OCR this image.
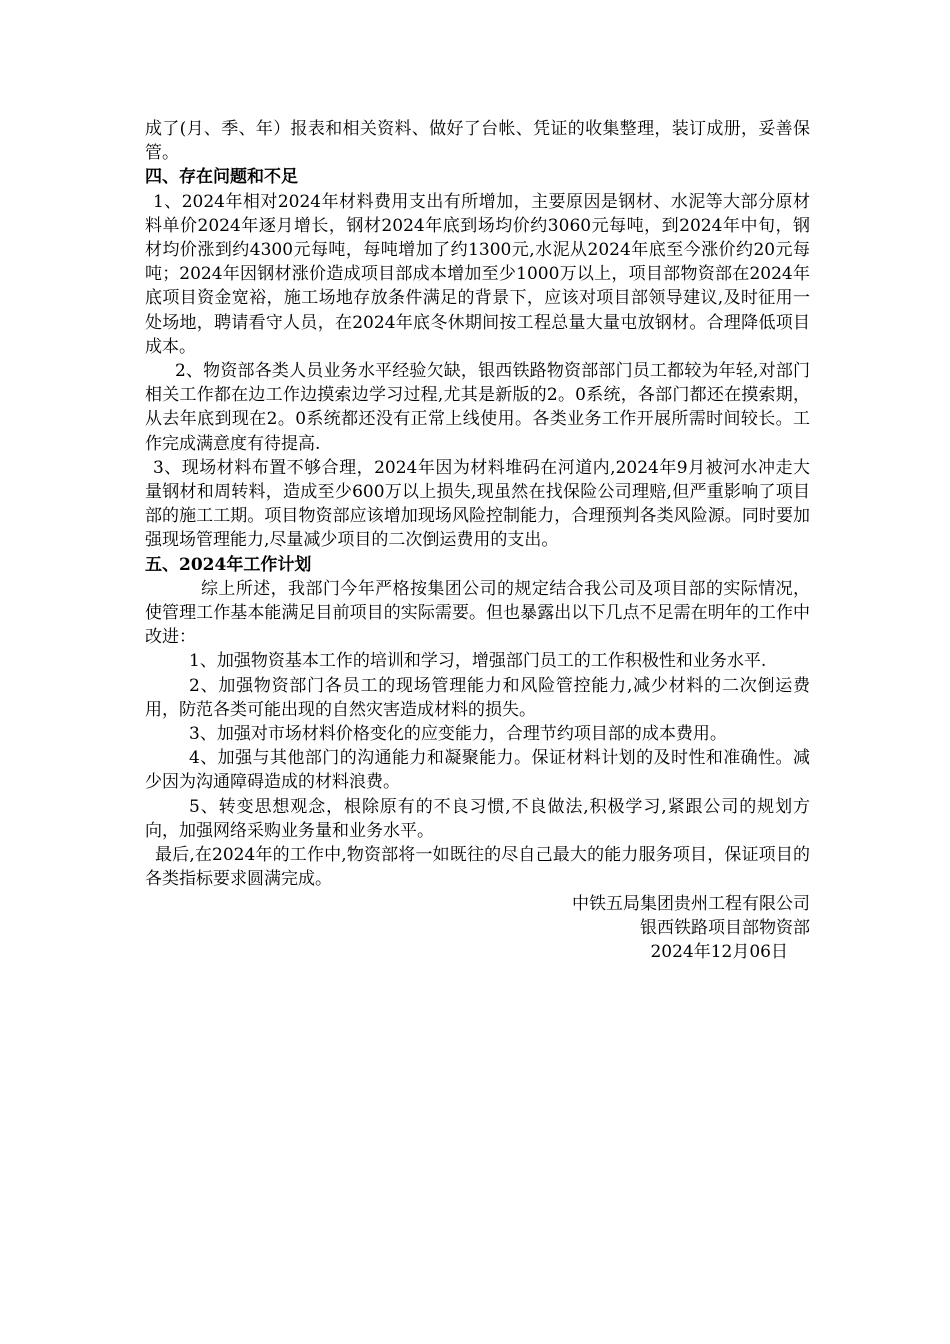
成了(月、季、年）报表和相关资料、做好了台帐、凭证的收集整理，装订成册，妥善保管。

四、存在问题和不足

1、2024年相对2024年材料费用支出有所增加，主要原因是钢材、水泥等大部分原材料单价2024年逐月增长，钢材2024年底到场均价约3060元每吨，到2024年中旬，钢材均价涨到约4300元每吨，每吨增加了约1300元,水泥从2024年底至今涨价约20元每吨；2024年因钢材涨价造成项目部成本增加至少1000万以上，项目部物资部在2024年底项目资金宽裕，施工场地存放条件满足的背景下，应该对项目部领导建议,及时征用一处场地，聘请看守人员，在2024年底冬休期间按工程总量大量屯放钢材。合理降低项目成本。

2、物资部各类人员业务水平经验欠缺，银西铁路物资部部门员工都较为年轻,对部门相关工作都在边工作边摸索边学习过程,尤其是新版的2。0系统，各部门都还在摸索期，从去年底到现在2。0系统都还没有正常上线使用。各类业务工作开展所需时间较长。工作完成满意度有待提高.

3、现场材料布置不够合理，2024年因为材料堆码在河道内,2024年9月被河水冲走大量钢材和周转料，造成至少600万以上损失,现虽然在找保险公司理赔,但严重影响了项目部的施工工期。项目物资部应该增加现场风险控制能力，合理预判各类风险源。同时要加强现场管理能力,尽量减少项目的二次倒运费用的支出。

五、2024年工作计划

综上所述，我部门今年严格按集团公司的规定结合我公司及项目部的实际情况，使管理工作基本能满足目前项目的实际需要。但也暴露出以下几点不足需在明年的工作中改进：

1、加强物资基本工作的培训和学习，增强部门员工的工作积极性和业务水平.

2、加强物资部门各员工的现场管理能力和风险管控能力,减少材料的二次倒运费用，防范各类可能出现的自然灾害造成材料的损失。

3、加强对市场材料价格变化的应变能力，合理节约项目部的成本费用。

4、加强与其他部门的沟通能力和凝聚能力。保证材料计划的及时性和准确性。减少因为沟通障碍造成的材料浪费。

5、转变思想观念，根除原有的不良习惯,不良做法,积极学习,紧跟公司的规划方向，加强网络采购业务量和业务水平。

最后,在2024年的工作中,物资部将一如既往的尽自己最大的能力服务项目，保证项目的各类指标要求圆满完成。

中铁五局集团贵州工程有限公司

银西铁路项目部物资部

2024年12月06日
